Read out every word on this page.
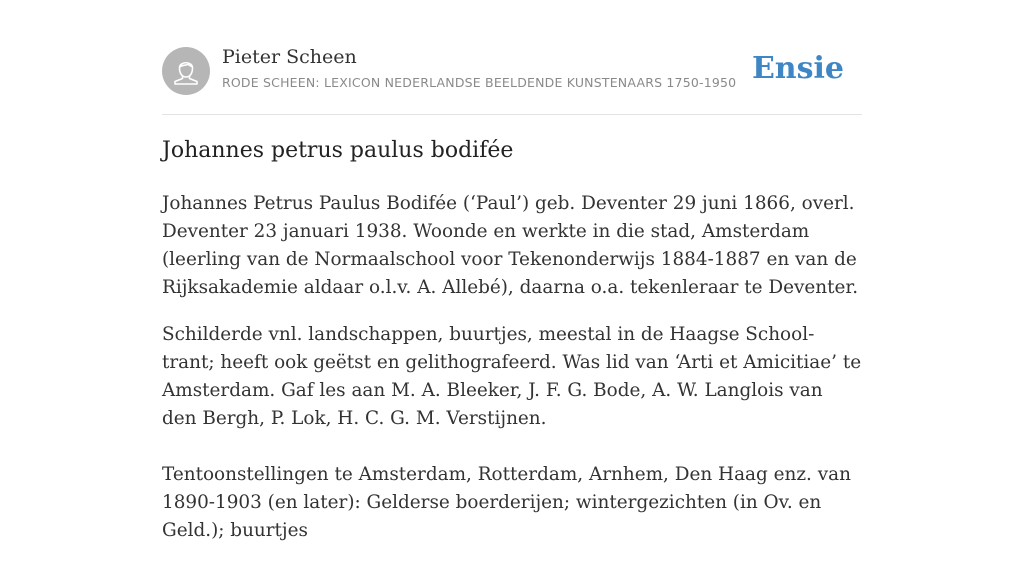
Pieter Scheen
RODE SCHEEN: LEXICON NEDERLANDSE BEELDENDE KUNSTENAARS 1750-1950 Ensie
Johannes petrus paulus bodifée

Johannes Petrus Paulus Bodifée (‘Paul’) geb. Deventer 29 juni 1866, overl. Deventer 23 januari 1938. Woonde en werkte in die stad, Amsterdam (leerling van de Normaalschool voor Tekenonderwijs 1884-1887 en van de Rijksakademie aldaar o.l.v. A. Allebé), daarna o.a. tekenleraar te Deventer.

Schilderde vnl. landschappen, buurtjes, meestal in de Haagse School-trant; heeft ook geëtst en gelithografeerd. Was lid van ‘Arti et Amicitiae’ te Amsterdam. Gaf les aan M. A. Bleeker, J. F. G. Bode, A. W. Langlois van den Bergh, P. Lok, H. C. G. M. Verstijnen.

Tentoonstellingen te Amsterdam, Rotterdam, Arnhem, Den Haag enz. van 1890-1903 (en later): Gelderse boerderijen; wintergezichten (in Ov. en Geld.); buurtjes
